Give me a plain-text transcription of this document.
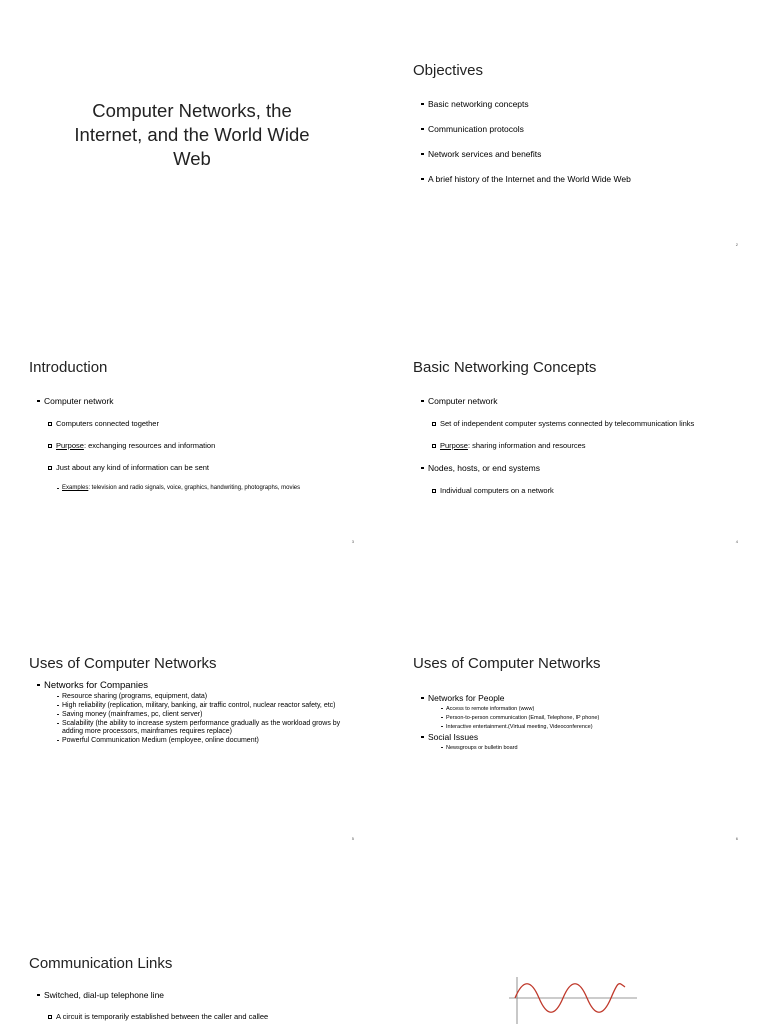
Computer Networks, the Internet, and the World Wide Web
Objectives
Basic networking concepts
Communication protocols
Network services and benefits
A brief history of the Internet and the World Wide Web
2
Introduction
Computer network
Computers connected together
Purpose: exchanging resources and information
Just about any kind of information can be sent
Examples: television and radio signals, voice, graphics, handwriting, photographs, movies
3
Basic Networking Concepts
Computer network
Set of independent computer systems connected by telecommunication links
Purpose: sharing information and resources
Nodes, hosts, or end systems
Individual computers on a network
4
Uses of Computer Networks
Networks for Companies
Resource sharing (programs, equipment, data)
High reliability (replication, military, banking, air traffic control, nuclear reactor safety, etc)
Saving money (mainframes, pc, client server)
Scalability (the ability to increase system performance gradually as the workload grows by adding more processors, mainframes requires replace)
Powerful Communication Medium (employee, online document)
5
Uses of Computer Networks
Networks for People
Access to remote information (www)
Person-to-person communication (Email, Telephone, IP phone)
Interactive entertainment.(Virtual meeting, Videoconference)
Social Issues
Newsgroups or bulletin board
6
Communication Links
Switched, dial-up telephone line
A circuit is temporarily established between the caller and callee
